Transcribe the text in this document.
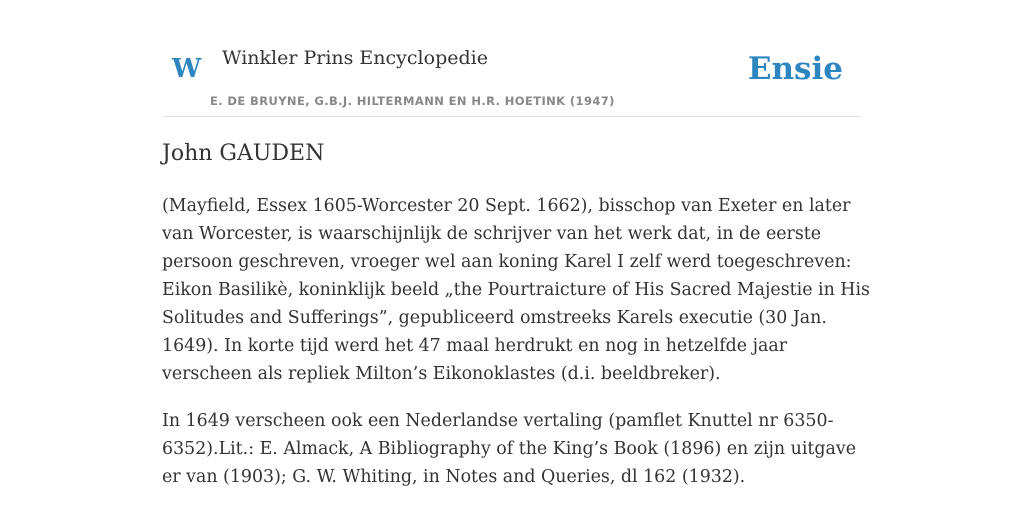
W Winkler Prins Encyclopedie
E. DE BRUYNE, G.B.J. HILTERMANN EN H.R. HOETINK (1947)
Ensie
John GAUDEN

(Mayfield, Essex 1605-Worcester 20 Sept. 1662), bisschop van Exeter en later van Worcester, is waarschijnlijk de schrijver van het werk dat, in de eerste persoon geschreven, vroeger wel aan koning Karel I zelf werd toegeschreven: Eikon Basilikè, koninklijk beeld „the Pourtraicture of His Sacred Majestie in His Solitudes and Sufferings”, gepubliceerd omstreeks Karels executie (30 Jan. 1649). In korte tijd werd het 47 maal herdrukt en nog in hetzelfde jaar verscheen als repliek Milton’s Eikonoklastes (d.i. beeldbreker).

In 1649 verscheen ook een Nederlandse vertaling (pamflet Knuttel nr 6350-6352).Lit.: E. Almack, A Bibliography of the King’s Book (1896) en zijn uitgave er van (1903); G. W. Whiting, in Notes and Queries, dl 162 (1932).
